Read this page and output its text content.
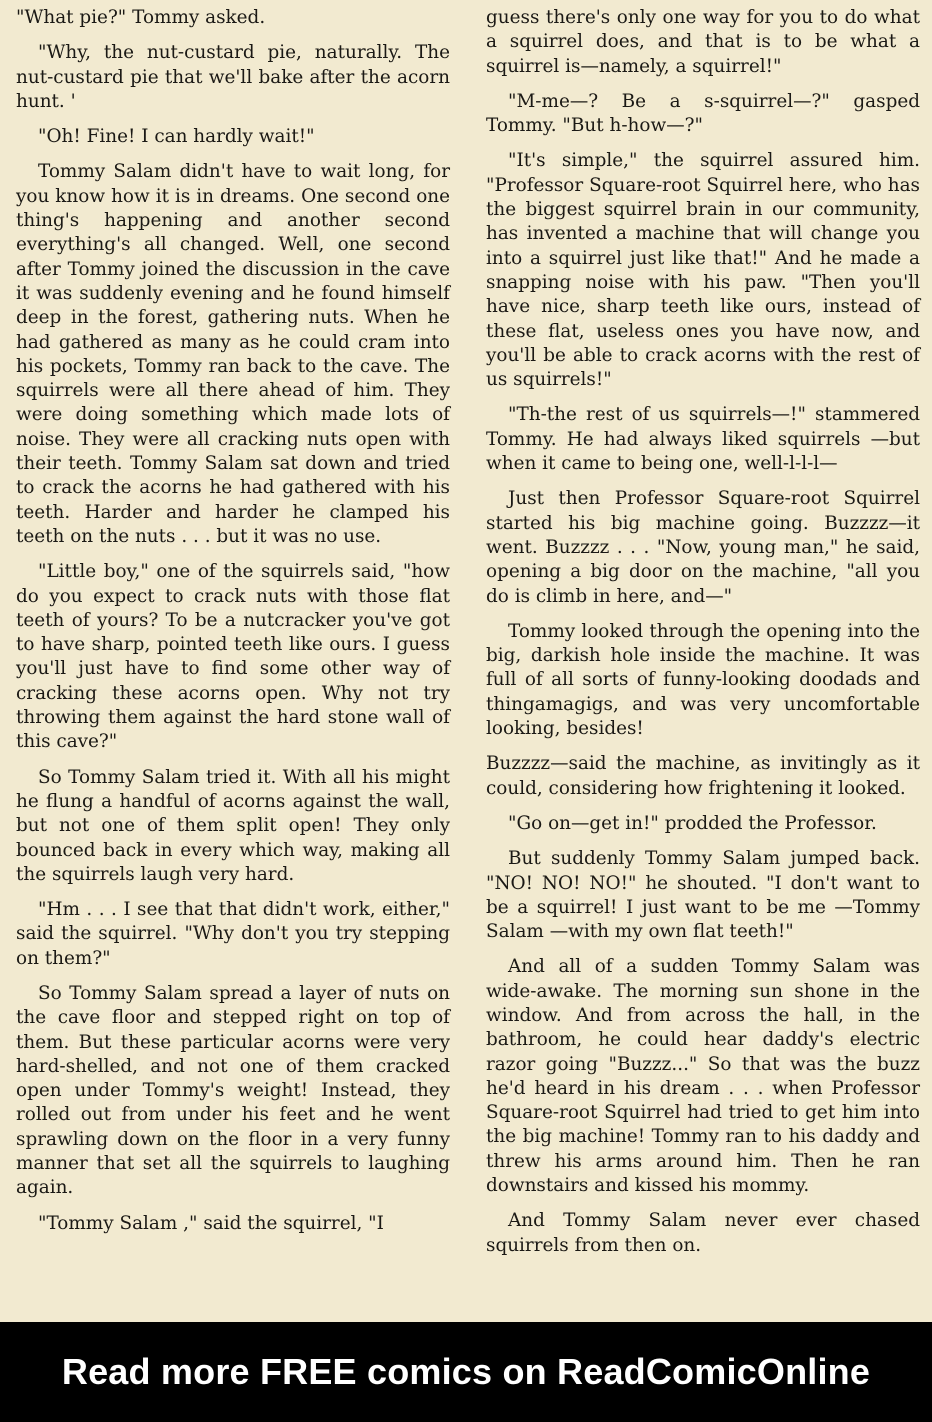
"What pie?" Tommy asked.

"Why, the nut-custard pie, naturally. The nut-custard pie that we'll bake after the acorn hunt. '

"Oh! Fine! I can hardly wait!"

Tommy Salam didn't have to wait long, for you know how it is in dreams. One second one thing's happening and another second everything's all changed. Well, one second after Tommy joined the discussion in the cave it was suddenly evening and he found himself deep in the forest, gathering nuts. When he had gathered as many as he could cram into his pockets, Tommy ran back to the cave. The squirrels were all there ahead of him. They were doing something which made lots of noise. They were all cracking nuts open with their teeth. Tommy Salam sat down and tried to crack the acorns he had gathered with his teeth. Harder and harder he clamped his teeth on the nuts . . . but it was no use.

"Little boy," one of the squirrels said, "how do you expect to crack nuts with those flat teeth of yours? To be a nutcracker you've got to have sharp, pointed teeth like ours. I guess you'll just have to find some other way of cracking these acorns open. Why not try throwing them against the hard stone wall of this cave?"

So Tommy Salam tried it. With all his might he flung a handful of acorns against the wall, but not one of them split open! They only bounced back in every which way, making all the squirrels laugh very hard.

"Hm . . . I see that that didn't work, either," said the squirrel. "Why don't you try stepping on them?"

So Tommy Salam spread a layer of nuts on the cave floor and stepped right on top of them. But these particular acorns were very hard-shelled, and not one of them cracked open under Tommy's weight! Instead, they rolled out from under his feet and he went sprawling down on the floor in a very funny manner that set all the squirrels to laughing again.

"Tommy Salam ," said the squirrel, "I

guess there's only one way for you to do what a squirrel does, and that is to be what a squirrel is—namely, a squirrel!"

"M-me—? Be a s-squirrel—?" gasped Tommy. "But h-how—?"

"It's simple," the squirrel assured him. "Professor Square-root Squirrel here, who has the biggest squirrel brain in our community, has invented a machine that will change you into a squirrel just like that!" And he made a snapping noise with his paw. "Then you'll have nice, sharp teeth like ours, instead of these flat, useless ones you have now, and you'll be able to crack acorns with the rest of us squirrels!"

"Th-the rest of us squirrels—!" stammered Tommy. He had always liked squirrels —but when it came to being one, well-l-l-l—

Just then Professor Square-root Squirrel started his big machine going. Buzzzz—it went. Buzzzz . . . "Now, young man," he said, opening a big door on the machine, "all you do is climb in here, and—"

Tommy looked through the opening into the big, darkish hole inside the machine. It was full of all sorts of funny-looking doodads and thingamagigs, and was very uncomfortable looking, besides!

Buzzzz—said the machine, as invitingly as it could, considering how frightening it looked.

"Go on—get in!" prodded the Professor.

But suddenly Tommy Salam jumped back. "NO! NO! NO!" he shouted. "I don't want to be a squirrel! I just want to be me —Tommy Salam —with my own flat teeth!"

And all of a sudden Tommy Salam was wide-awake. The morning sun shone in the window. And from across the hall, in the bathroom, he could hear daddy's electric razor going "Buzzz..." So that was the buzz he'd heard in his dream . . . when Professor Square-root Squirrel had tried to get him into the big machine! Tommy ran to his daddy and threw his arms around him. Then he ran downstairs and kissed his mommy.

And Tommy Salam never ever chased squirrels from then on.

Read more FREE comics on ReadComicOnline
